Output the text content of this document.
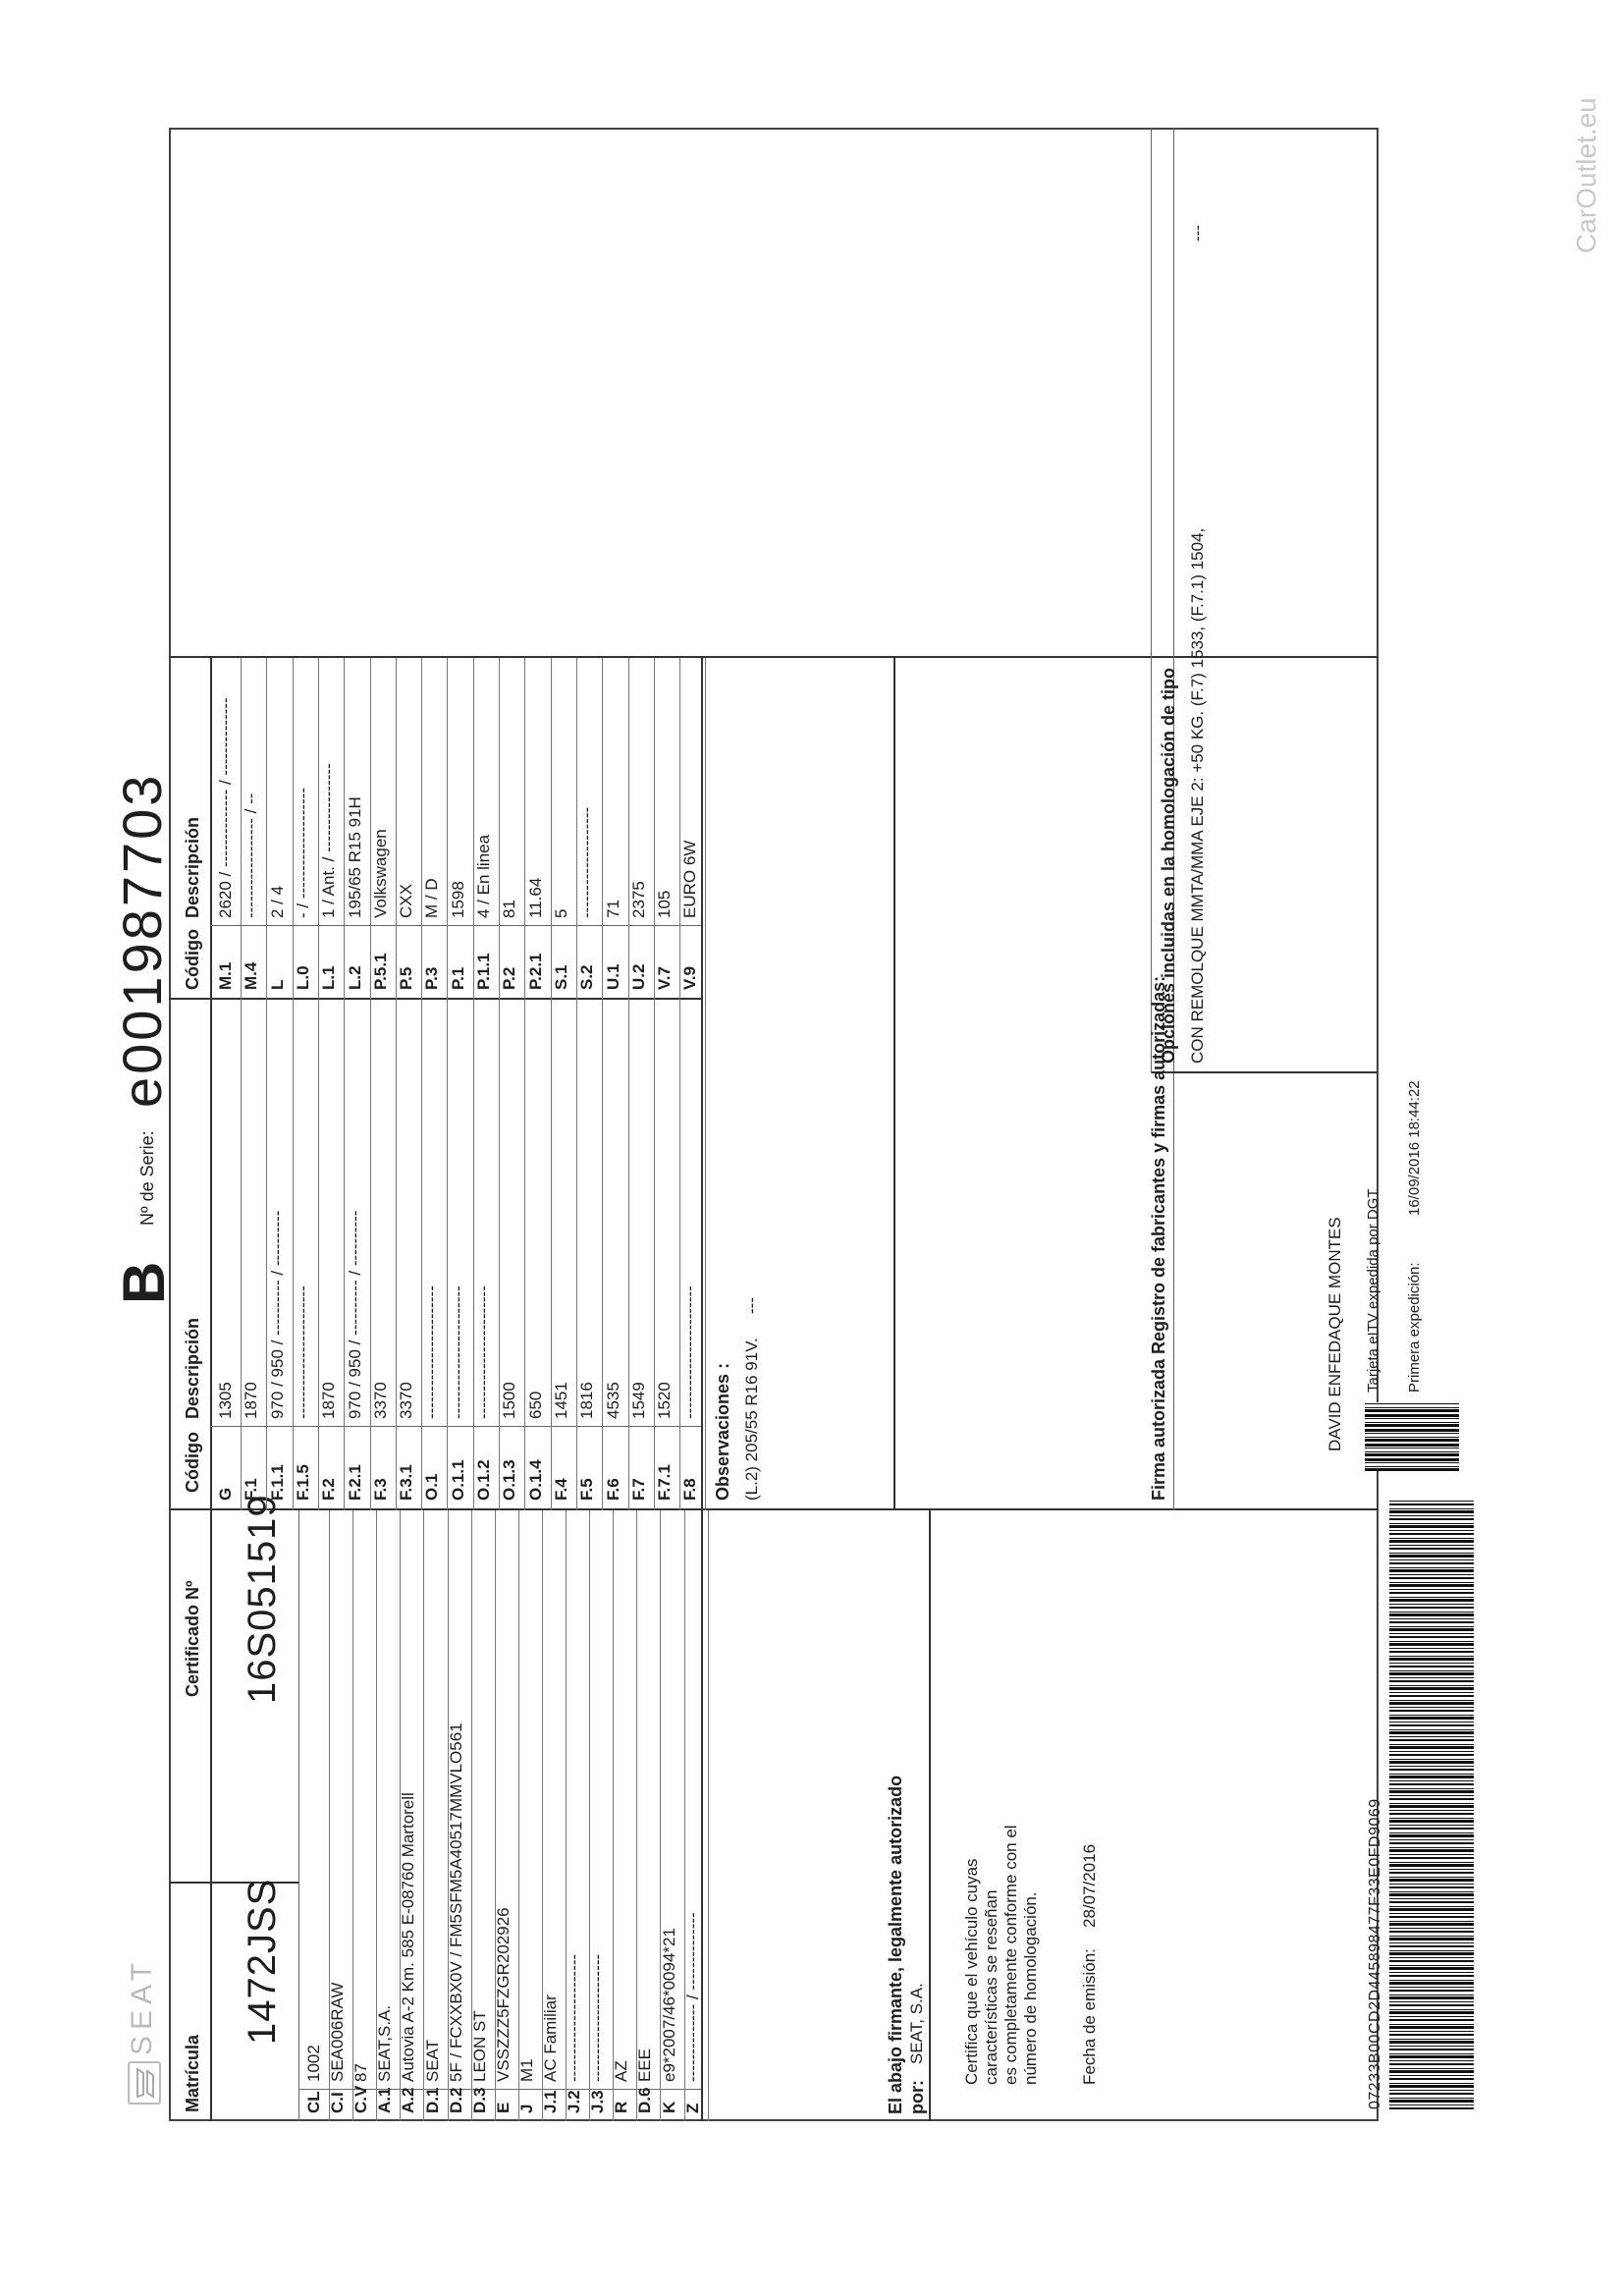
SEAT
B
Nº de Serie:
e001987703
Matrícula
Certificado Nº
1472JSS
16S051519
Código
Descripción
Código
Descripción
CL
1002
C.I
SEA006RAW
C.V
87
A.1
SEAT,S.A.
A.2
Autovia A-2 Km. 585 E-08760 Martorell
D.1
SEAT
D.2
5F / FCXXBX0V / FM5SFM5A40517MMVLO561
D.3
LEON ST
E
VSSZZZ5FZGR202926
J
M1
J.1
AC Familiar
J.2
-----------------------
J.3
-----------------------
R
AZ
D.6
EEE
K
e9*2007/46*0094*21
Z
-------------- / --------------
G
1305
F.1
1870
F.1.1
970 / 950 / ---------- / ----------
F.1.5
------------------------
F.2
1870
F.2.1
970 / 950 / ---------- / ----------
F.3
3370
F.3.1
3370
O.1
------------------------
O.1.1
------------------------
O.1.2
------------------------
O.1.3
1500
O.1.4
650
F.4
1451
F.5
1816
F.6
4535
F.7
1549
F.7.1
1520
F.8
------------------------
M.1
2620 / -------------- / --------------
M.4
------------------ / --
L
2 / 4
L.0
- / --------------------
L.1
1 / Ant. / ----------------
L.2
195/65 R15 91H
P.5.1
Volkswagen
P.5
CXX
P.3
M / D
P.1
1598
P.1.1
4 / En linea
P.2
81
P.2.1
11.64
S.1
5
S.2
--------------------
U.1
71
U.2
2375
V.7
105
V.9
EURO 6W
El abajo firmante, legalmente autorizado por:
SEAT, S.A. Certifica que el vehículo cuyas características se reseñan es completamente conforme con el número de homologación. Fecha de emisión:
28/07/2016
Observaciones : (L.2) 205/55 R16 91V.
---	Firma autorizada Registro de fabricantes y firmas autorizadas:	DAVID ENFEDAQUE MONTES Tarjeta eITV expedida por DGT Primera expedición:
16/09/2016 18:44:22
Opciones incluidas en la homologación de tipo CON REMOLQUE MMTA/MMA EJE 2: +50 KG. (F.7) 1533, (F.7.1) 1504,
---
07233B00CD2D445898477F33E0FD9069
CarOutlet.eu
